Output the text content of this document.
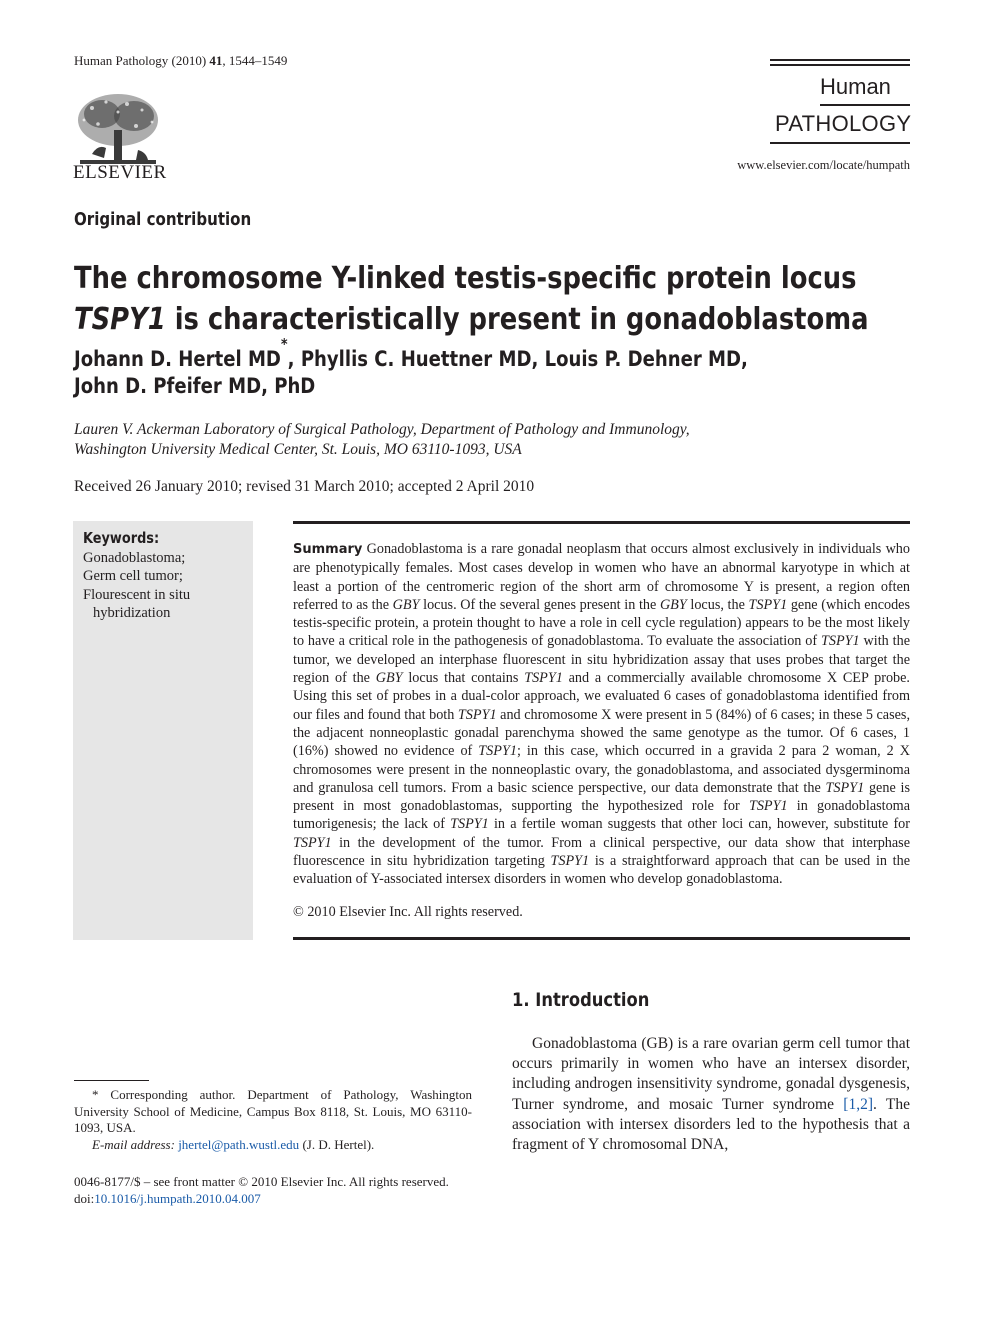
Human Pathology (2010) 41, 1544–1549
ELSEVIER
Human
PATHOLOGY
www.elsevier.com/locate/humpath
Original contribution
The chromosome Y-linked testis-specific protein locus
TSPY1 is characteristically present in gonadoblastoma
Johann D. Hertel MD*, Phyllis C. Huettner MD, Louis P. Dehner MD,
John D. Pfeifer MD, PhD
Lauren V. Ackerman Laboratory of Surgical Pathology, Department of Pathology and Immunology,
Washington University Medical Center, St. Louis, MO 63110-1093, USA
Received 26 January 2010; revised 31 March 2010; accepted 2 April 2010
Keywords:
Gonadoblastoma;
Germ cell tumor;
Flourescent in situ
hybridization
Summary Gonadoblastoma is a rare gonadal neoplasm that occurs almost exclusively in individuals who are phenotypically females. Most cases develop in women who have an abnormal karyotype in which at least a portion of the centromeric region of the short arm of chromosome Y is present, a region often referred to as the GBY locus. Of the several genes present in the GBY locus, the TSPY1 gene (which encodes testis-specific protein, a protein thought to have a role in cell cycle regulation) appears to be the most likely to have a critical role in the pathogenesis of gonadoblastoma. To evaluate the association of TSPY1 with the tumor, we developed an interphase fluorescent in situ hybridization assay that uses probes that target the region of the GBY locus that contains TSPY1 and a commercially available chromosome X CEP probe. Using this set of probes in a dual-color approach, we evaluated 6 cases of gonadoblastoma identified from our files and found that both TSPY1 and chromosome X were present in 5 (84%) of 6 cases; in these 5 cases, the adjacent nonneoplastic gonadal parenchyma showed the same genotype as the tumor. Of 6 cases, 1 (16%) showed no evidence of TSPY1; in this case, which occurred in a gravida 2 para 2 woman, 2 X chromosomes were present in the nonneoplastic ovary, the gonadoblastoma, and associated dysgerminoma and granulosa cell tumors. From a basic science perspective, our data demonstrate that the TSPY1 gene is present in most gonadoblastomas, supporting the hypothesized role for TSPY1 in gonadoblastoma tumorigenesis; the lack of TSPY1 in a fertile woman suggests that other loci can, however, substitute for TSPY1 in the development of the tumor. From a clinical perspective, our data show that interphase fluorescence in situ hybridization targeting TSPY1 is a straightforward approach that can be used in the evaluation of Y-associated intersex disorders in women who develop gonadoblastoma.
© 2010 Elsevier Inc. All rights reserved.
1. Introduction
Gonadoblastoma (GB) is a rare ovarian germ cell tumor that occurs primarily in women who have an intersex disorder, including androgen insensitivity syndrome, gonadal dysgenesis, Turner syndrome, and mosaic Turner syndrome [1,2]. The association with intersex disorders led to the hypothesis that a fragment of Y chromosomal DNA,
* Corresponding author. Department of Pathology, Washington University School of Medicine, Campus Box 8118, St. Louis, MO 63110-1093, USA.
E-mail address: jhertel@path.wustl.edu (J. D. Hertel).
0046-8177/$ – see front matter © 2010 Elsevier Inc. All rights reserved.
doi:10.1016/j.humpath.2010.04.007
